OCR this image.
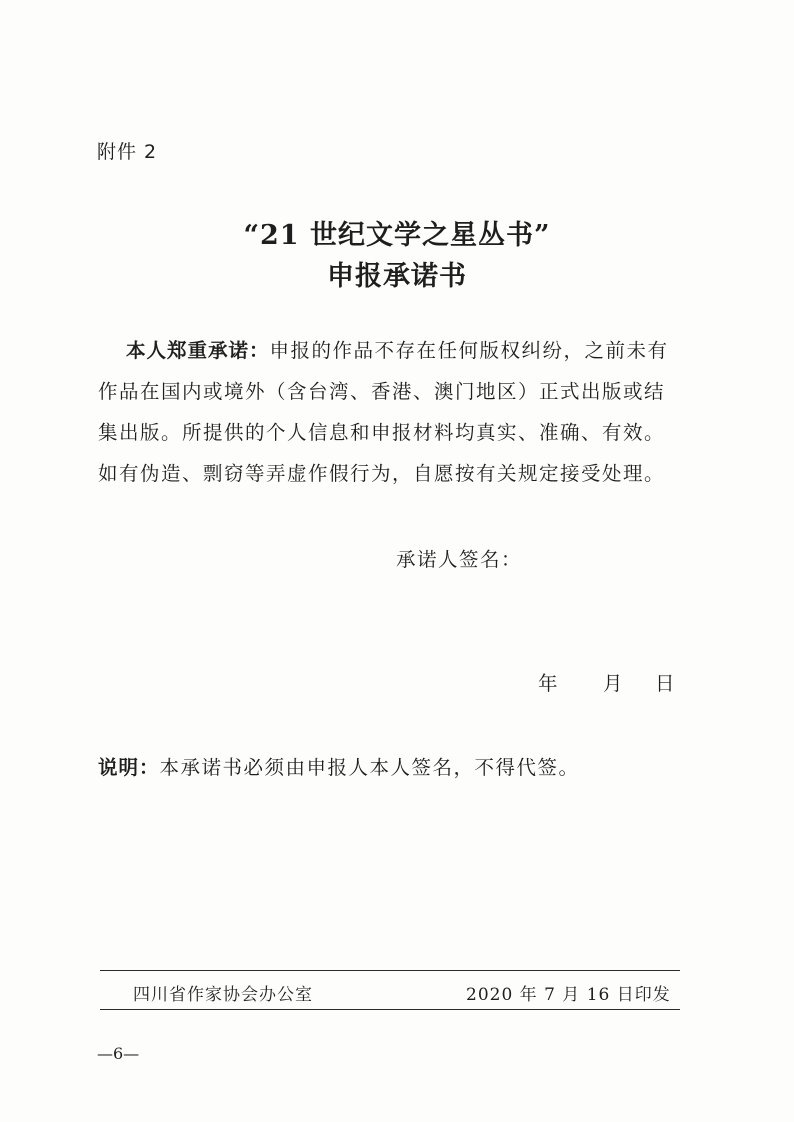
附件 2
“21 世纪文学之星丛书”
申报承诺书
本人郑重承诺：申报的作品不存在任何版权纠纷，之前未有
作品在国内或境外（含台湾、香港、澳门地区）正式出版或结
集出版。所提供的个人信息和申报材料均真实、准确、有效。
如有伪造、剽窃等弄虚作假行为，自愿按有关规定接受处理。
承诺人签名：
年 月 日
说明：本承诺书必须由申报人本人签名，不得代签。
四川省作家协会办公室	2020 年 7 月 16 日印发
—6—
